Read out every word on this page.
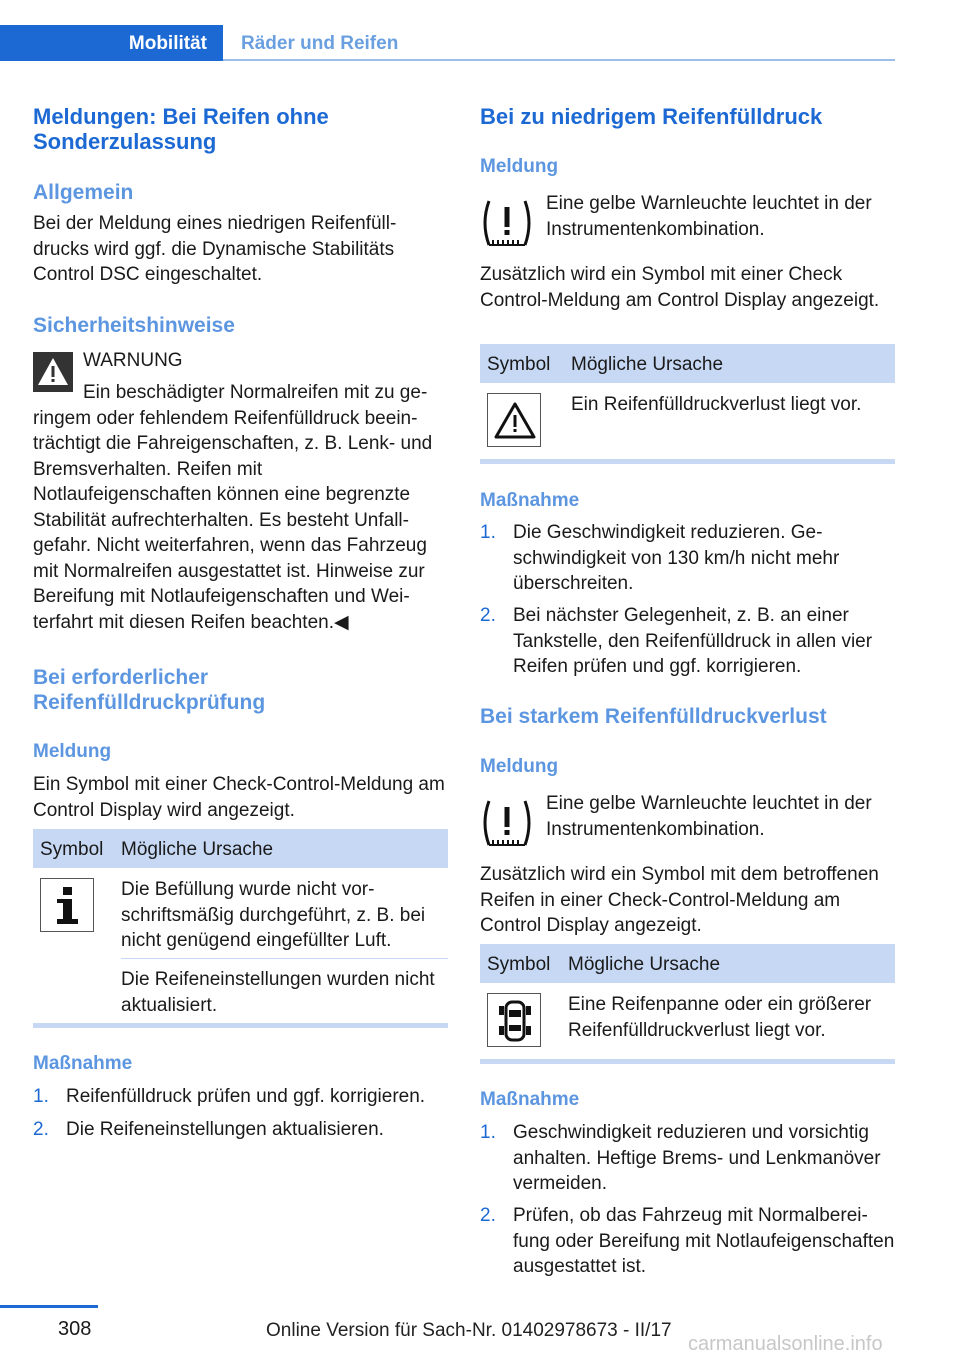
Mobilität Räder und Reifen
Meldungen: Bei Reifen ohne Sonderzulassung
Allgemein
Bei der Meldung eines niedrigen Reifenfülldrucks wird ggf. die Dynamische Stabilitäts Control DSC eingeschaltet.
Sicherheitshinweise
WARNUNG
Ein beschädigter Normalreifen mit zu geringem oder fehlendem Reifenfülldruck beeinträchtigt die Fahreigenschaften, z. B. Lenk- und Bremsverhalten. Reifen mit Notlaufeigenschaften können eine begrenzte Stabilität aufrechterhalten. Es besteht Unfallgefahr. Nicht weiterfahren, wenn das Fahrzeug mit Normalreifen ausgestattet ist. Hinweise zur Bereifung mit Notlaufeigenschaften und Weiterfahrt mit diesen Reifen beachten.◀
Bei erforderlicher Reifenfülldruckprüfung
Meldung
Ein Symbol mit einer Check-Control-Meldung am Control Display wird angezeigt.
Symbol Mögliche Ursache
Die Befüllung wurde nicht vorschriftsmäßig durchgeführt, z. B. bei nicht genügend eingefüllter Luft.
Die Reifeneinstellungen wurden nicht aktualisiert.
Maßnahme
1. Reifenfülldruck prüfen und ggf. korrigieren.
2. Die Reifeneinstellungen aktualisieren.
Bei zu niedrigem Reifenfülldruck
Meldung
Eine gelbe Warnleuchte leuchtet in der Instrumentenkombination.
Zusätzlich wird ein Symbol mit einer Check Control-Meldung am Control Display angezeigt.
Symbol Mögliche Ursache
Ein Reifenfülldruckverlust liegt vor.
Maßnahme
1. Die Geschwindigkeit reduzieren. Geschwindigkeit von 130 km/h nicht mehr überschreiten.
2. Bei nächster Gelegenheit, z. B. an einer Tankstelle, den Reifenfülldruck in allen vier Reifen prüfen und ggf. korrigieren.
Bei starkem Reifenfülldruckverlust
Meldung
Eine gelbe Warnleuchte leuchtet in der Instrumentenkombination.
Zusätzlich wird ein Symbol mit dem betroffenen Reifen in einer Check-Control-Meldung am Control Display angezeigt.
Symbol Mögliche Ursache
Eine Reifenpanne oder ein größerer Reifenfülldruckverlust liegt vor.
Maßnahme
1. Geschwindigkeit reduzieren und vorsichtig anhalten. Heftige Brems- und Lenkmanöver vermeiden.
2. Prüfen, ob das Fahrzeug mit Normalbereifung oder Bereifung mit Notlaufeigenschaften ausgestattet ist.
308	Online Version für Sach-Nr. 01402978673 - II/17
carmanualsonline.info
